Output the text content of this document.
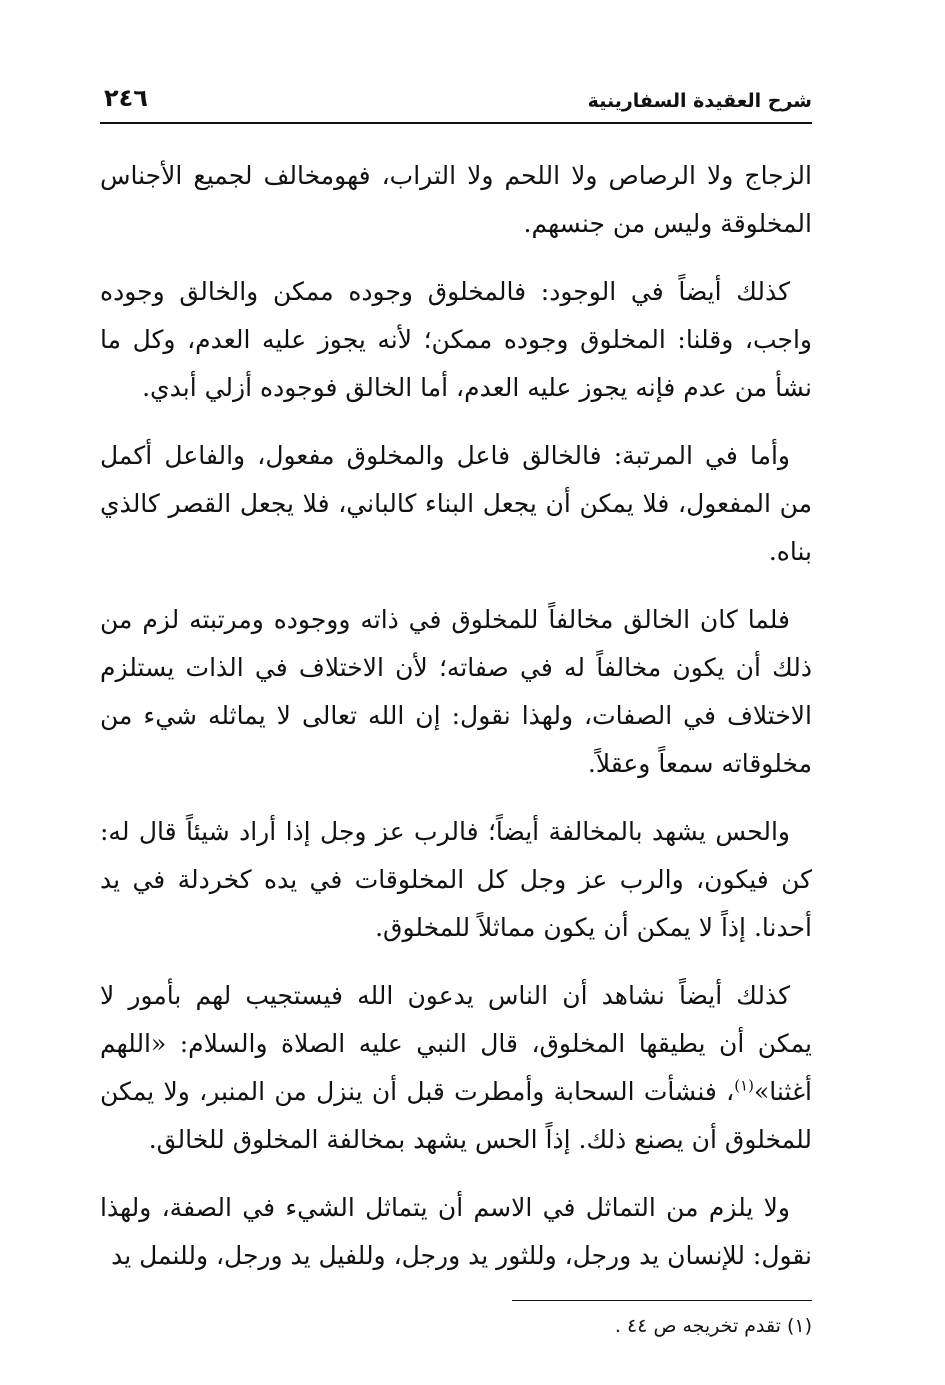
شرح العقيدة السفارينية
٢٤٦

الزجاج ولا الرصاص ولا اللحم ولا التراب، فهومخالف لجميع الأجناس المخلوقة وليس من جنسهم.

كذلك أيضاً في الوجود: فالمخلوق وجوده ممكن والخالق وجوده واجب، وقلنا: المخلوق وجوده ممكن؛ لأنه يجوز عليه العدم، وكل ما نشأ من عدم فإنه يجوز عليه العدم، أما الخالق فوجوده أزلي أبدي.

وأما في المرتبة: فالخالق فاعل والمخلوق مفعول، والفاعل أكمل من المفعول، فلا يمكن أن يجعل البناء كالباني، فلا يجعل القصر كالذي بناه.

فلما كان الخالق مخالفاً للمخلوق في ذاته ووجوده ومرتبته لزم من ذلك أن يكون مخالفاً له في صفاته؛ لأن الاختلاف في الذات يستلزم الاختلاف في الصفات، ولهذا نقول: إن الله تعالى لا يماثله شيء من مخلوقاته سمعاً وعقلاً.

والحس يشهد بالمخالفة أيضاً؛ فالرب عز وجل إذا أراد شيئاً قال له: كن فيكون، والرب عز وجل كل المخلوقات في يده كخردلة في يد أحدنا. إذاً لا يمكن أن يكون مماثلاً للمخلوق.

كذلك أيضاً نشاهد أن الناس يدعون الله فيستجيب لهم بأمور لا يمكن أن يطيقها المخلوق، قال النبي عليه الصلاة والسلام: «اللهم أغثنا»$^{(١)}$، فنشأت السحابة وأمطرت قبل أن ينزل من المنبر، ولا يمكن للمخلوق أن يصنع ذلك. إذاً الحس يشهد بمخالفة المخلوق للخالق.

ولا يلزم من التماثل في الاسم أن يتماثل الشيء في الصفة، ولهذا نقول: للإنسان يد ورجل، وللثور يد ورجل، وللفيل يد ورجل، وللنمل يد

(١) تقدم تخريجه ص ٤٤ .
